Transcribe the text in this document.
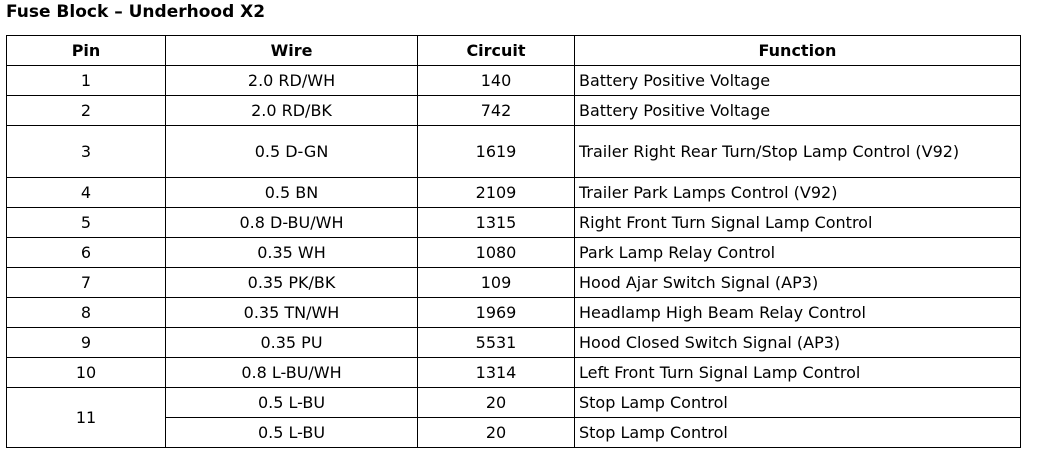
Fuse Block – Underhood X2
Pin	Wire	Circuit	Function
1	2.0 RD/WH	140	Battery Positive Voltage
2	2.0 RD/BK	742	Battery Positive Voltage
3	0.5 D-GN	1619	Trailer Right Rear Turn/Stop Lamp Control (V92)
4	0.5 BN	2109	Trailer Park Lamps Control (V92)
5	0.8 D-BU/WH	1315	Right Front Turn Signal Lamp Control
6	0.35 WH	1080	Park Lamp Relay Control
7	0.35 PK/BK	109	Hood Ajar Switch Signal (AP3)
8	0.35 TN/WH	1969	Headlamp High Beam Relay Control
9	0.35 PU	5531	Hood Closed Switch Signal (AP3)
10	0.8 L-BU/WH	1314	Left Front Turn Signal Lamp Control
11	0.5 L-BU	20	Stop Lamp Control
	0.5 L-BU	20	Stop Lamp Control
